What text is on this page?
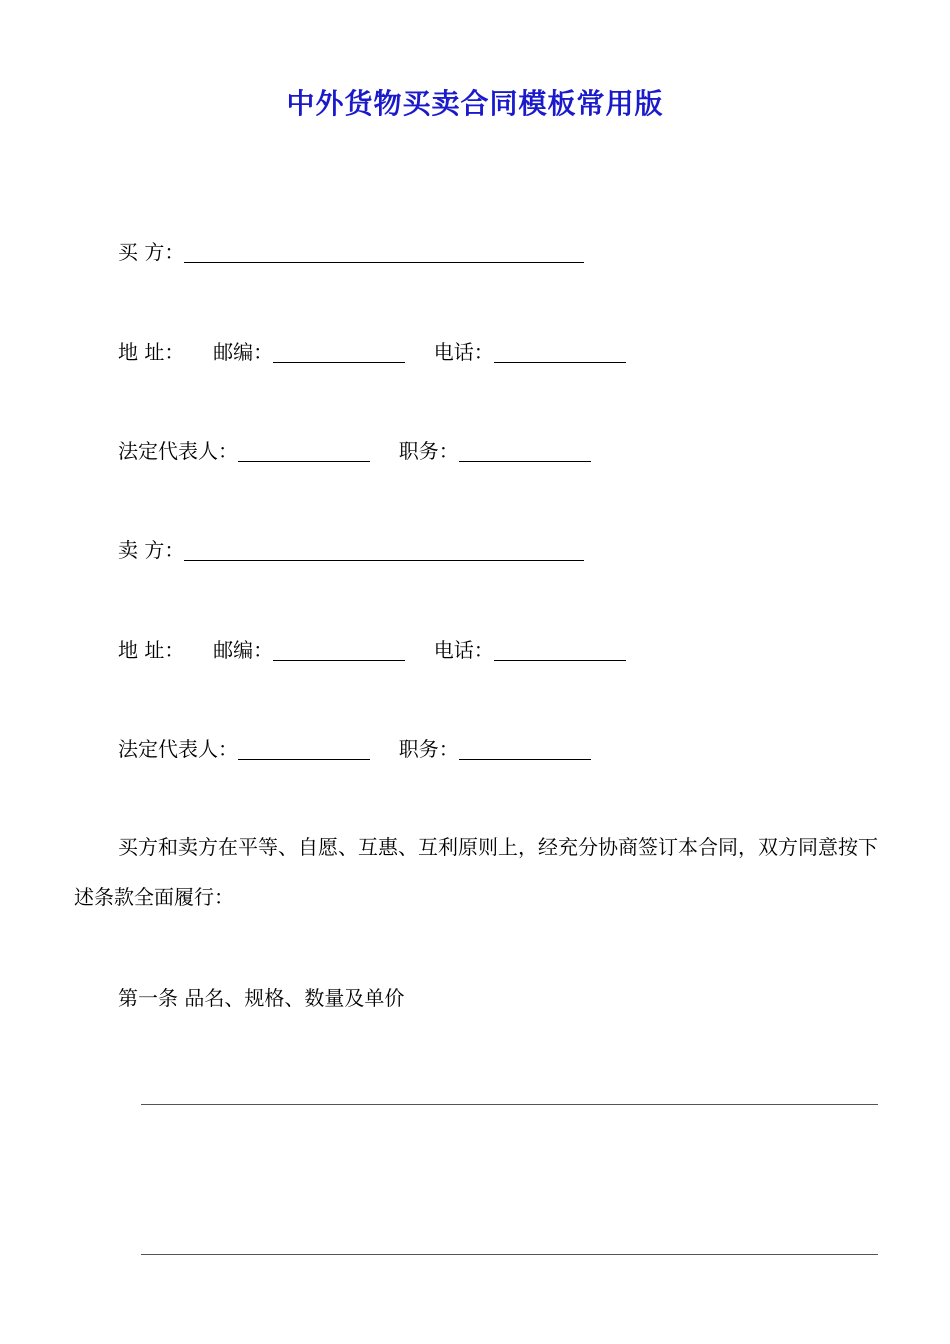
中外货物买卖合同模板常用版
买 方：
地 址： 邮编：	电话：
法定代表人：	职务：
卖 方：
地 址： 邮编：	电话：
法定代表人：	职务：
买方和卖方在平等、自愿、互惠、互利原则上，经充分协商签订本合同，双方同意按下述条款全面履行：
第一条 品名、规格、数量及单价
